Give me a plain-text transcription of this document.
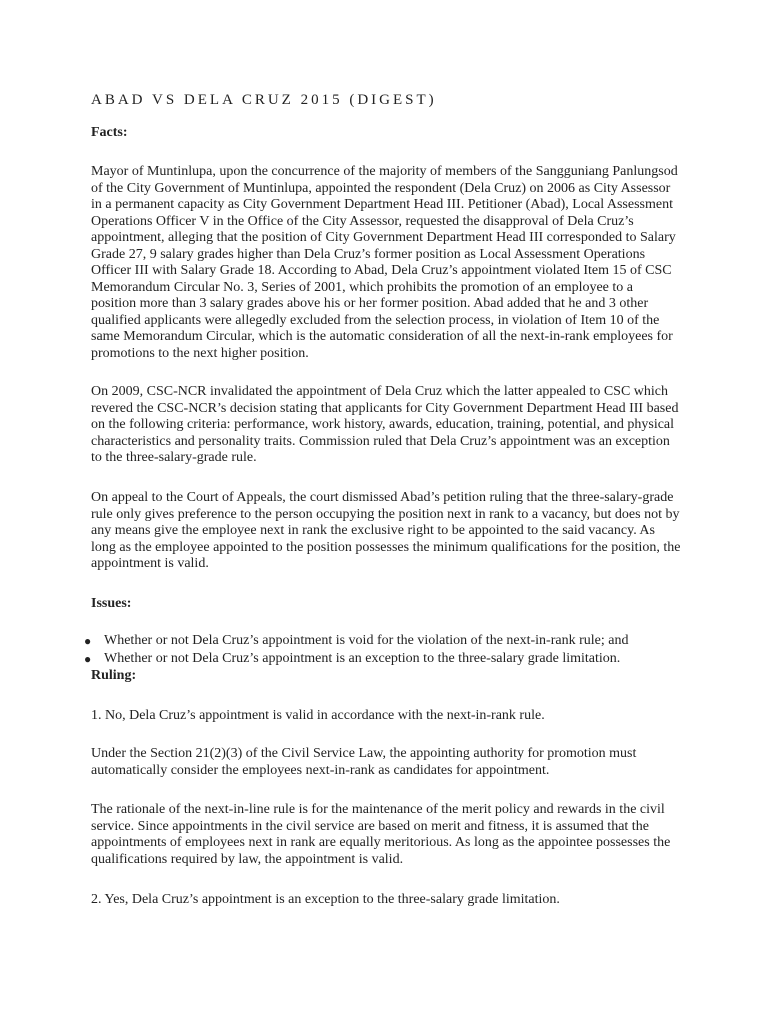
ABAD VS DELA CRUZ 2015 (DIGEST)
Facts:

Mayor of Muntinlupa, upon the concurrence of the majority of members of the Sangguniang Panlungsod of the City Government of Muntinlupa, appointed the respondent (Dela Cruz) on 2006 as City Assessor in a permanent capacity as City Government Department Head III. Petitioner (Abad), Local Assessment Operations Officer V in the Office of the City Assessor, requested the disapproval of Dela Cruz’s appointment, alleging that the position of City Government Department Head III corresponded to Salary Grade 27, 9 salary grades higher than Dela Cruz’s former position as Local Assessment Operations Officer III with Salary Grade 18. According to Abad, Dela Cruz’s appointment violated Item 15 of CSC Memorandum Circular No. 3, Series of 2001, which prohibits the promotion of an employee to a position more than 3 salary grades above his or her former position. Abad added that he and 3 other qualified applicants were allegedly excluded from the selection process, in violation of Item 10 of the same Memorandum Circular, which is the automatic consideration of all the next-in-rank employees for promotions to the next higher position.

On 2009, CSC-NCR invalidated the appointment of Dela Cruz which the latter appealed to CSC which revered the CSC-NCR’s decision stating that applicants for City Government Department Head III based on the following criteria: performance, work history, awards, education, training, potential, and physical characteristics and personality traits. Commission ruled that Dela Cruz’s appointment was an exception to the three-salary-grade rule.

On appeal to the Court of Appeals, the court dismissed Abad’s petition ruling that the three-salary-grade rule only gives preference to the person occupying the position next in rank to a vacancy, but does not by any means give the employee next in rank the exclusive right to be appointed to the said vacancy. As long as the employee appointed to the position possesses the minimum qualifications for the position, the appointment is valid.

Issues:
● Whether or not Dela Cruz’s appointment is void for the violation of the next-in-rank rule; and
● Whether or not Dela Cruz’s appointment is an exception to the three-salary grade limitation.
Ruling:

1. No, Dela Cruz’s appointment is valid in accordance with the next-in-rank rule.

Under the Section 21(2)(3) of the Civil Service Law, the appointing authority for promotion must automatically consider the employees next-in-rank as candidates for appointment.

The rationale of the next-in-line rule is for the maintenance of the merit policy and rewards in the civil service. Since appointments in the civil service are based on merit and fitness, it is assumed that the appointments of employees next in rank are equally meritorious. As long as the appointee possesses the qualifications required by law, the appointment is valid.

2. Yes, Dela Cruz’s appointment is an exception to the three-salary grade limitation.
